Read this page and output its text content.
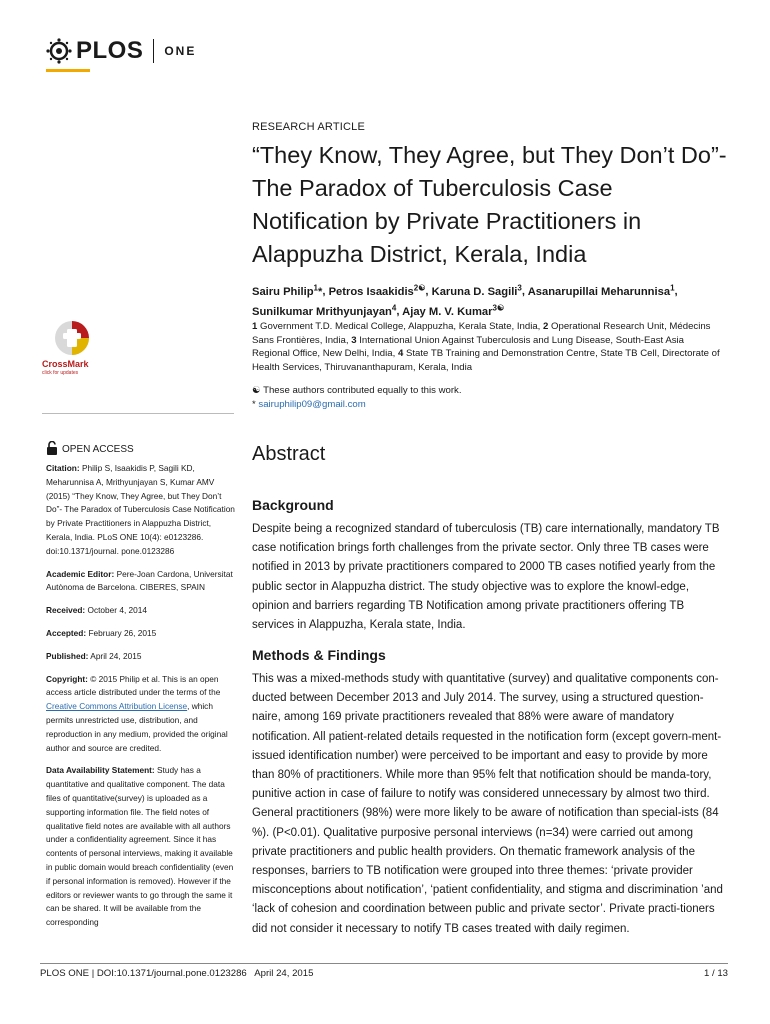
PLOS ONE
RESEARCH ARTICLE
“They Know, They Agree, but They Don’t Do”- The Paradox of Tuberculosis Case Notification by Private Practitioners in Alappuzha District, Kerala, India
Sairu Philip$^1$*, Petros Isaakidis$^{2☯}$, Karuna D. Sagili$^3$, Asanarupillai Meharunnisa$^1$, Sunilkumar Mrithyunjayan$^4$, Ajay M. V. Kumar$^{3☯}$
1 Government T.D. Medical College, Alappuzha, Kerala State, India, 2 Operational Research Unit, Médecins Sans Frontières, India, 3 International Union Against Tuberculosis and Lung Disease, South-East Asia Regional Office, New Delhi, India, 4 State TB Training and Demonstration Centre, State TB Cell, Directorate of Health Services, Thiruvananthapuram, Kerala, India
☯ These authors contributed equally to this work.
* sairuphilip09@gmail.com
CrossMark
click for updates
OPEN ACCESS

Citation: Philip S, Isaakidis P, Sagili KD, Meharunnisa A, Mrithyunjayan S, Kumar AMV (2015) “They Know, They Agree, but They Don’t Do”- The Paradox of Tuberculosis Case Notification by Private Practitioners in Alappuzha District, Kerala, India. PLoS ONE 10(4): e0123286. doi:10.1371/journal. pone.0123286

Academic Editor: Pere-Joan Cardona, Universitat Autònoma de Barcelona. CIBERES, SPAIN

Received: October 4, 2014

Accepted: February 26, 2015

Published: April 24, 2015

Copyright: © 2015 Philip et al. This is an open access article distributed under the terms of the Creative Commons Attribution License, which permits unrestricted use, distribution, and reproduction in any medium, provided the original author and source are credited.

Data Availability Statement: Study has a quantitative and qualitative component. The data files of quantitative(survey) is uploaded as a supporting information file. The field notes of qualitative field notes are available with all authors under a confidentiality agreement. Since it has contents of personal interviews, making it available in public domain would breach confidentiality (even if personal information is removed). However if the editors or reviewer wants to go through the same it can be shared. It will be available from the corresponding

Abstract
Background

Despite being a recognized standard of tuberculosis (TB) care internationally, mandatory TB case notification brings forth challenges from the private sector. Only three TB cases were notified in 2013 by private practitioners compared to 2000 TB cases notified yearly from the public sector in Alappuzha district. The study objective was to explore the knowl-edge, opinion and barriers regarding TB Notification among private practitioners offering TB services in Alappuzha, Kerala state, India.

Methods & Findings

This was a mixed-methods study with quantitative (survey) and qualitative components con-ducted between December 2013 and July 2014. The survey, using a structured question-naire, among 169 private practitioners revealed that 88% were aware of mandatory notification. All patient-related details requested in the notification form (except govern-ment-issued identification number) were perceived to be important and easy to provide by more than 80% of practitioners. While more than 95% felt that notification should be manda-tory, punitive action in case of failure to notify was considered unnecessary by almost two third. General practitioners (98%) were more likely to be aware of notification than special-ists (84 %). (P<0.01). Qualitative purposive personal interviews (n=34) were carried out among private practitioners and public health providers. On thematic framework analysis of the responses, barriers to TB notification were grouped into three themes: ‘private provider misconceptions about notification’, ‘patient confidentiality, and stigma and discrimination ’and ‘lack of cohesion and coordination between public and private sector’. Private practi-tioners did not consider it necessary to notify TB cases treated with daily regimen.

PLOS ONE | DOI:10.1371/journal.pone.0123286 April 24, 2015	1 / 13
